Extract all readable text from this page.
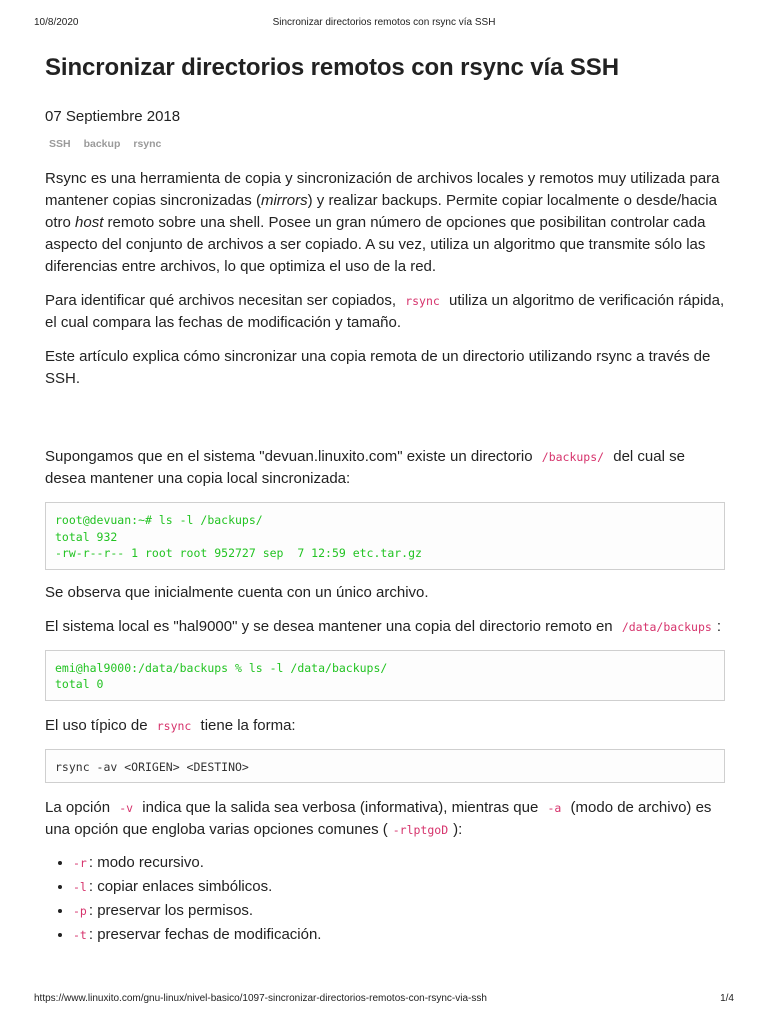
10/8/2020	Sincronizar directorios remotos con rsync vía SSH
Sincronizar directorios remotos con rsync vía SSH
07 Septiembre 2018
SSH backup rsync

Rsync es una herramienta de copia y sincronización de archivos locales y remotos muy utilizada para mantener copias sincronizadas (mirrors) y realizar backups. Permite copiar localmente o desde/hacia otro host remoto sobre una shell. Posee un gran número de opciones que posibilitan controlar cada aspecto del conjunto de archivos a ser copiado. A su vez, utiliza un algoritmo que transmite sólo las diferencias entre archivos, lo que optimiza el uso de la red.

Para identificar qué archivos necesitan ser copiados, rsync utiliza un algoritmo de verificación rápida, el cual compara las fechas de modificación y tamaño.

Este artículo explica cómo sincronizar una copia remota de un directorio utilizando rsync a través de SSH.

Supongamos que en el sistema "devuan.linuxito.com" existe un directorio /backups/ del cual se desea mantener una copia local sincronizada:

root@devuan:~# ls -l /backups/
total 932
-rw-r--r-- 1 root root 952727 sep  7 12:59 etc.tar.gz

Se observa que inicialmente cuenta con un único archivo.

El sistema local es "hal9000" y se desea mantener una copia del directorio remoto en /data/backups :

emi@hal9000:/data/backups % ls -l /data/backups/
total 0

El uso típico de rsync tiene la forma:

rsync -av <ORIGEN> <DESTINO>

La opción -v indica que la salida sea verbosa (informativa), mientras que -a (modo de archivo) es una opción que engloba varias opciones comunes ( -rlptgoD ):

• -r : modo recursivo.
• -l : copiar enlaces simbólicos.
• -p : preservar los permisos.
• -t : preservar fechas de modificación.
https://www.linuxito.com/gnu-linux/nivel-basico/1097-sincronizar-directorios-remotos-con-rsync-via-ssh	1/4
